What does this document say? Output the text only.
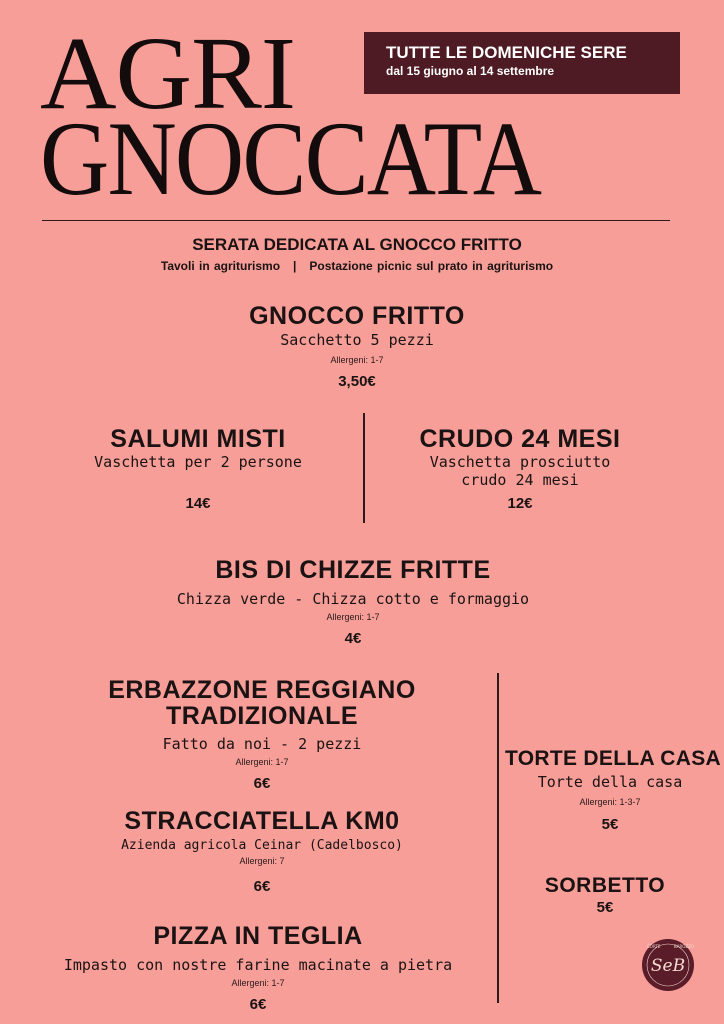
AGRI
GNOCCATA
TUTTE LE DOMENICHE SERE
dal 15 giugno al 14 settembre
SERATA DEDICATA AL GNOCCO FRITTO
Tavoli in agriturismo   |   Postazione picnic sul prato in agriturismo
GNOCCO FRITTO
Sacchetto 5 pezzi
Allergeni: 1-7
3,50€
SALUMI MISTI
Vaschetta per 2 persone
14€
CRUDO 24 MESI
Vaschetta prosciutto
crudo 24 mesi
12€
BIS DI CHIZZE FRITTE
Chizza verde - Chizza cotto e formaggio
Allergeni: 1-7
4€
ERBAZZONE REGGIANO
TRADIZIONALE
Fatto da noi - 2 pezzi
Allergeni: 1-7
6€
STRACCIATELLA KM0
Azienda agricola Ceinar (Cadelbosco)
Allergeni: 7
6€
PIZZA IN TEGLIA
Impasto con nostre farine macinate a pietra
Allergeni: 1-7
6€
TORTE DELLA CASA
Torte della casa
Allergeni: 1-3-7
5€
SORBETTO
5€
CORTE	BAROZZO
SeB
